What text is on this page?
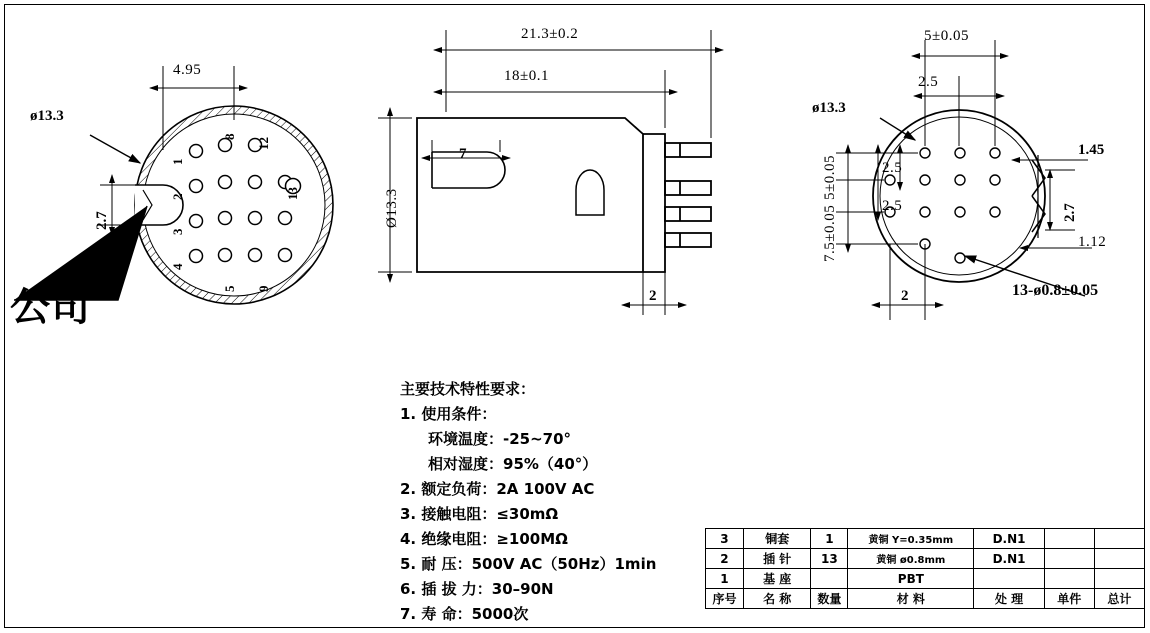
4.95
ø13.3
2.7
公司
1
2
3
4
5 9
8
12
13
21.3±0.2
18±0.1
Ø13.3
7
2
5±0.05
2.5
ø13.3
7.5±0.05
5±0.05	2.5
2.5
1.45
2.7
1.12
2	13-ø0.8±0.05
主要技术特性要求：
1. 使用条件：
环境温度：-25~70°
相对湿度：95%（40°）
2. 额定负荷：2A 100V AC
3. 接触电阻：≤30mΩ
4. 绝缘电阻：≥100MΩ
5. 耐 压：500V AC（50Hz）1min
6. 插 拔 力：30–90N
7. 寿 命：5000次
3	铜套	1	黄铜 Y=0.35mm	D.N1		
2	插 针	13	黄铜 ø0.8mm	D.N1		
1	基 座		PBT			
序号	名 称	数量	材 料	处 理	单件	总计
